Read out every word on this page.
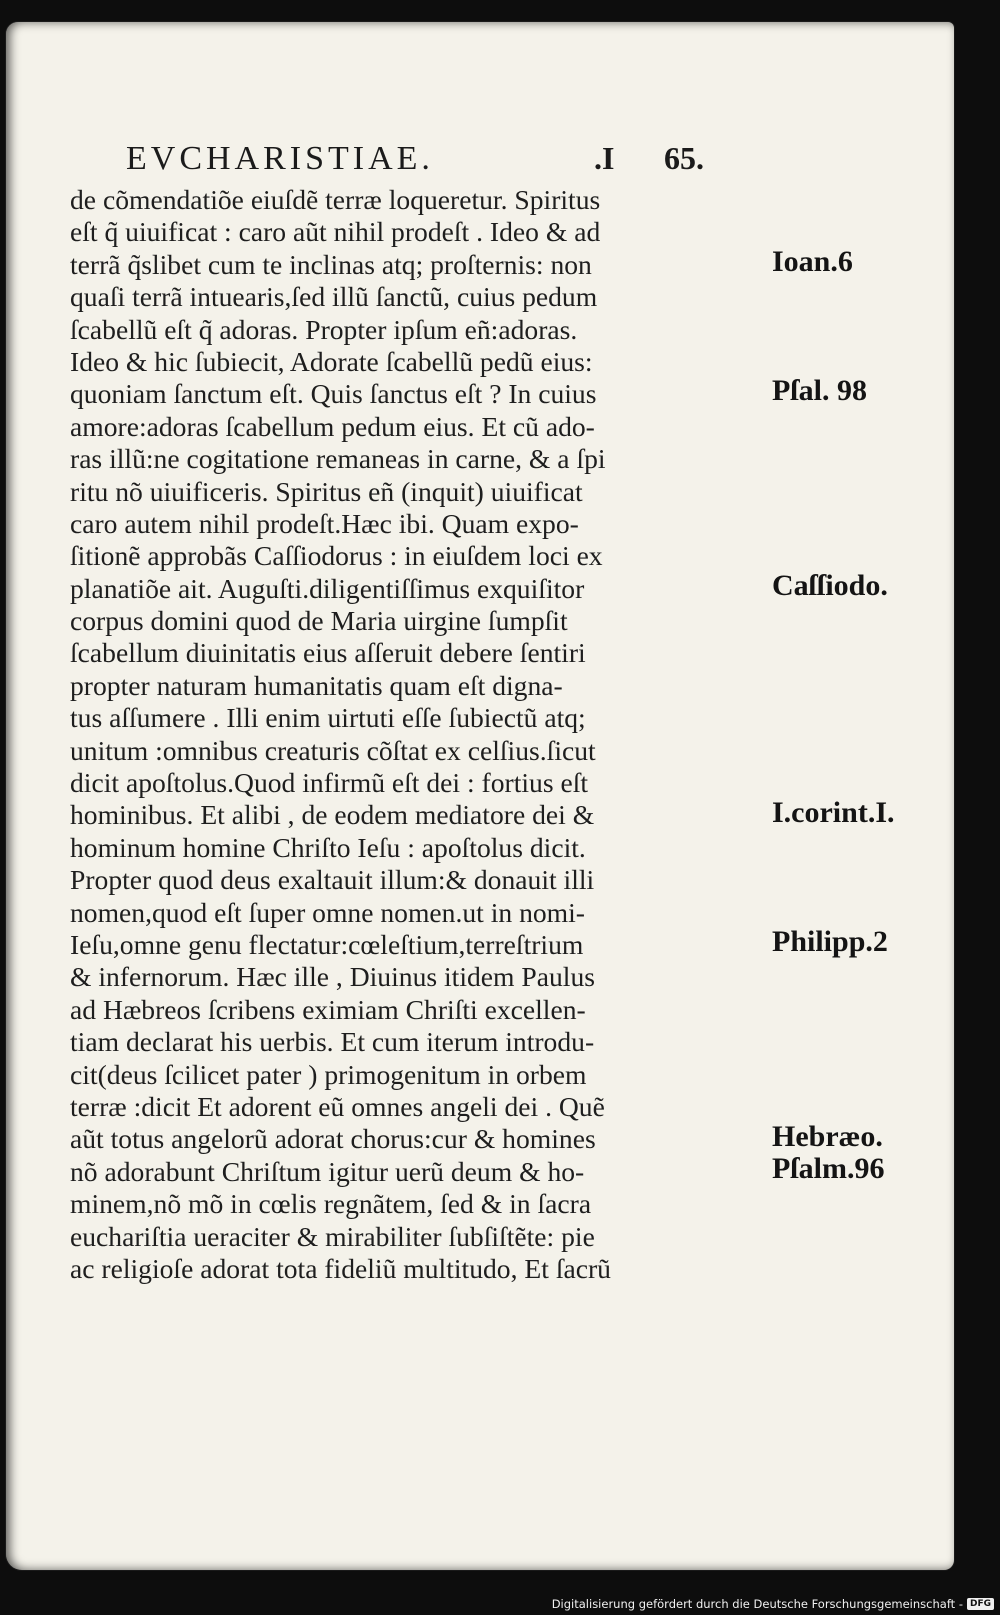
EVCHARISTIAE.	.I 65.
de cõmendatiõe eiuſdẽ terræ loqueretur. Spiritus
eſt q̃ uiuificat : caro aũt nihil prodeſt . Ideo & ad
terrã q̃slibet cum te inclinas atq; proſternis: non
quaſi terrã intuearis,ſed illũ ſanctũ, cuius pedum
ſcabellũ eſt q̃ adoras. Propter ipſum eñ:adoras.
Ideo & hic ſubiecit, Adorate ſcabellũ pedũ eius:
quoniam ſanctum eſt. Quis ſanctus eſt ? In cuius
amore:adoras ſcabellum pedum eius. Et cũ ado-
ras illũ:ne cogitatione remaneas in carne, & a ſpi
ritu nõ uiuificeris. Spiritus eñ (inquit) uiuificat
caro autem nihil prodeſt.Hæc ibi. Quam expo-
ſitionẽ approbãs Caſſiodorus : in eiuſdem loci ex
planatiõe ait. Auguſti.diligentiſſimus exquiſitor
corpus domini quod de Maria uirgine ſumpſit
ſcabellum diuinitatis eius aſſeruit debere ſentiri
propter naturam humanitatis quam eſt digna-
tus aſſumere . Illi enim uirtuti eſſe ſubiectũ atq;
unitum :omnibus creaturis cõſtat ex celſius.ſicut
dicit apoſtolus.Quod infirmũ eſt dei : fortius eſt
hominibus. Et alibi , de eodem mediatore dei &
hominum homine Chriſto Ieſu : apoſtolus dicit.
Propter quod deus exaltauit illum:& donauit illi
nomen,quod eſt ſuper omne nomen.ut in nomi-
Ieſu,omne genu flectatur:cœleſtium,terreſtrium
& infernorum. Hæc ille , Diuinus itidem Paulus
ad Hæbreos ſcribens eximiam Chriſti excellen-
tiam declarat his uerbis. Et cum iterum introdu-
cit(deus ſcilicet pater ) primogenitum in orbem
terræ :dicit Et adorent eũ omnes angeli dei . Quẽ
aũt totus angelorũ adorat chorus:cur & homines
nõ adorabunt Chriſtum igitur uerũ deum & ho-
minem,nõ mõ in cœlis regnãtem, ſed & in ſacra
euchariſtia ueraciter & mirabiliter ſubſiſtẽte: pie
ac religioſe adorat tota fideliũ multitudo, Et ſacrũ
Ioan.6
Pſal. 98
Caſſiodo.
I.corint.I.
Philipp.2
Hebræo.
Pſalm.96
Digitalisierung gefördert durch die Deutsche Forschungsgemeinschaft - DFG
